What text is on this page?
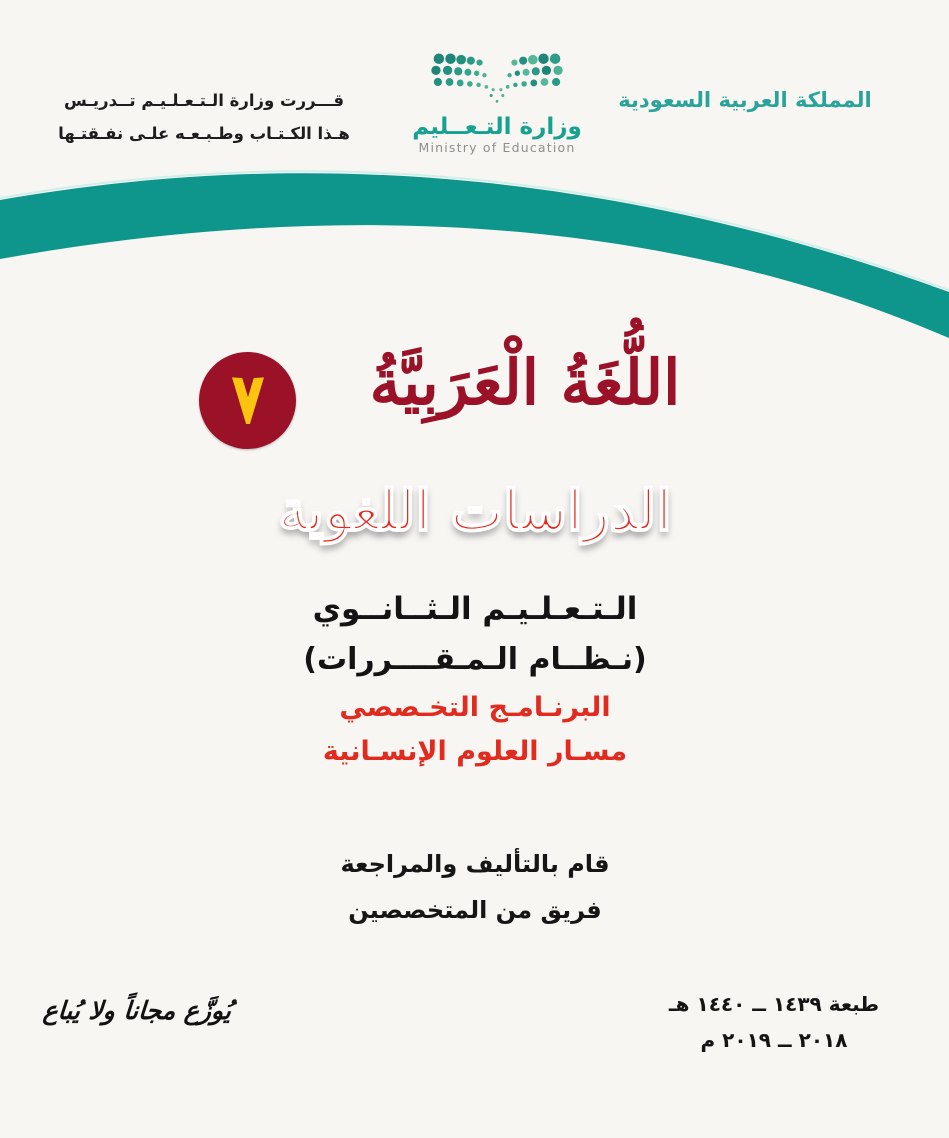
قـــررت وزارة الـتـعـلـيـم تــدريـس
هـذا الكـتـاب وطـبـعـه علـى نفـقتـها	وزارة التـعــليم
Ministry of Education
المملكة العربية السعودية
اللُّغَةُ الْعَرَبِيَّةُ
الدراسات اللغوية
الـتـعـلـيـم الـثــانــوي
(نـظــام الـمـقــــررات)
البرنـامـج التخـصصي
مسـار العلوم الإنسـانية
قام بالتأليف والمراجعة
فريق من المتخصصين
طبعة ١٤٣٩ ــ ١٤٤٠ هـ
٢٠١٨ ــ ٢٠١٩ م
يُوزَّع مجاناً ولا يُباع
